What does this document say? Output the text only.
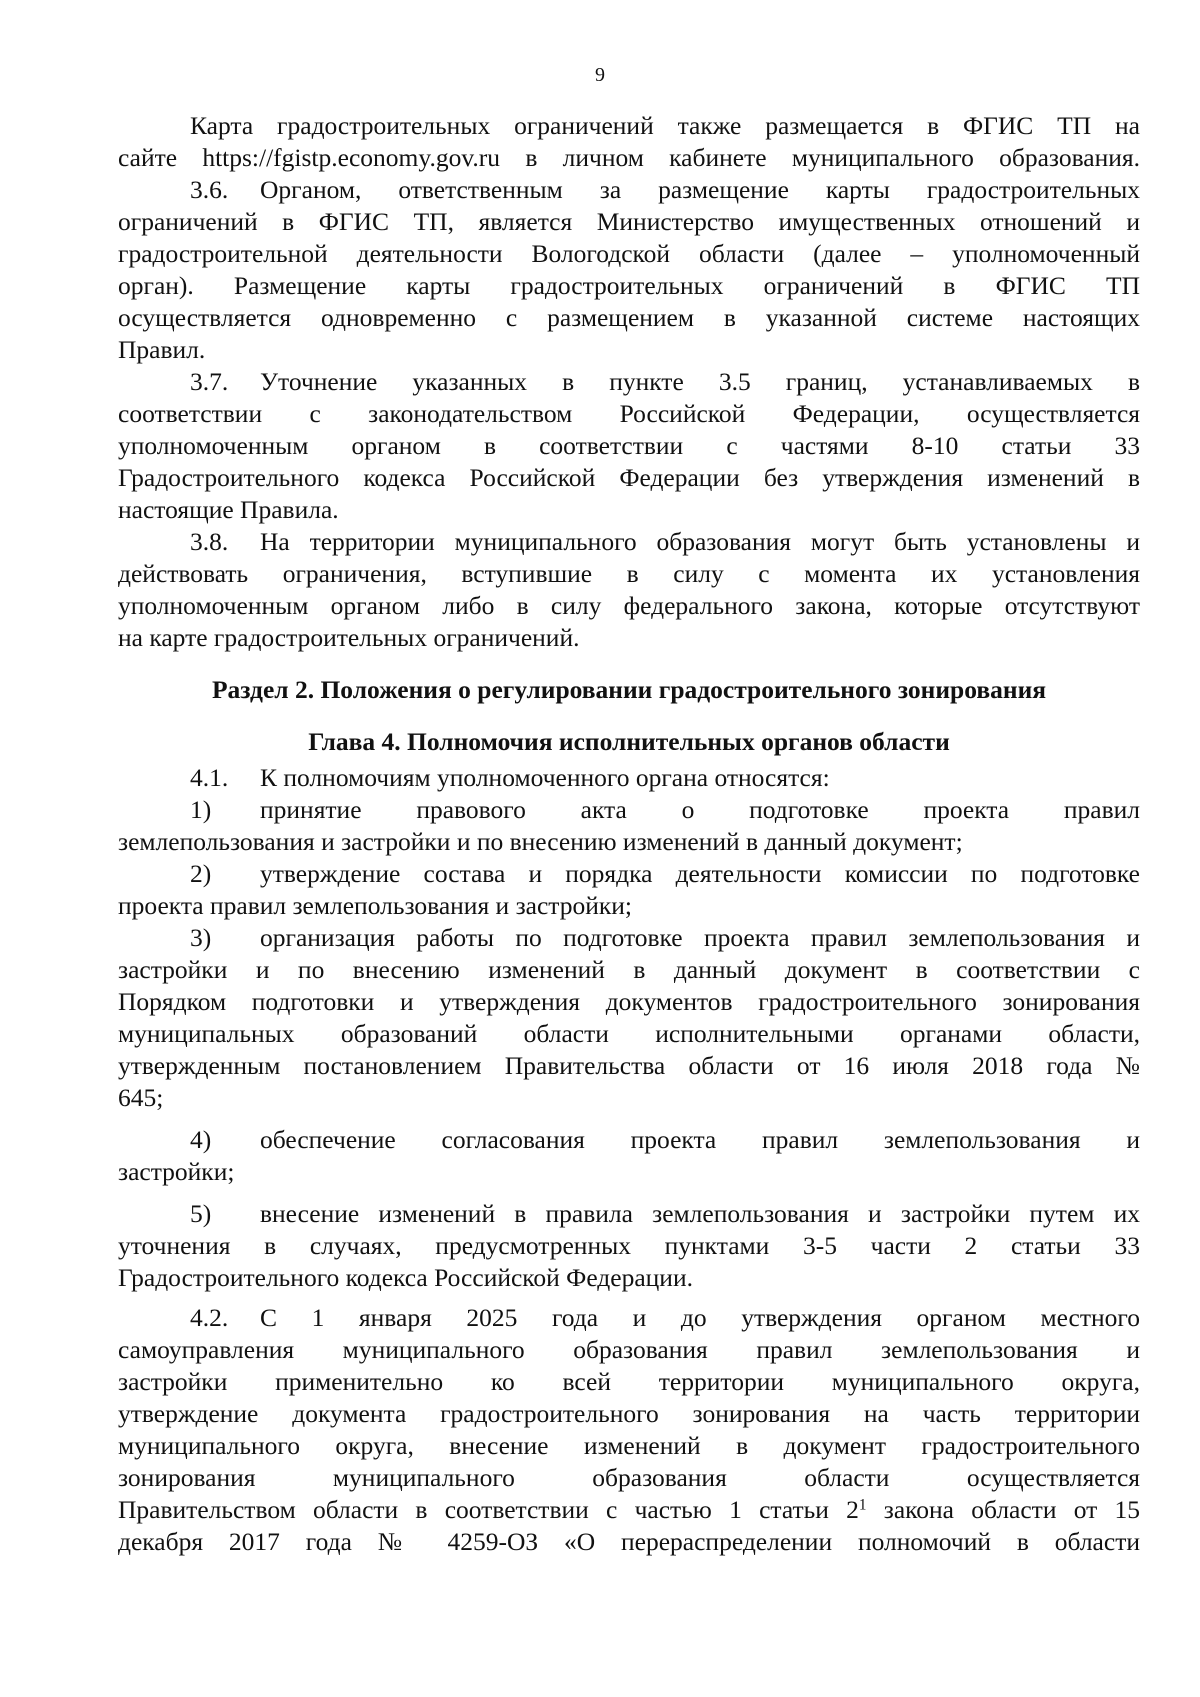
9
Карта градостроительных ограничений также размещается в ФГИС ТП на
сайте https://fgistp.economy.gov.ru в личном кабинете муниципального образования.
3.6. Органом, ответственным за размещение карты градостроительных
ограничений в ФГИС ТП, является Министерство имущественных отношений и
градостроительной деятельности Вологодской области (далее – уполномоченный
орган). Размещение карты градостроительных ограничений в ФГИС ТП
осуществляется одновременно с размещением в указанной системе настоящих
Правил.
3.7. Уточнение указанных в пункте 3.5 границ, устанавливаемых в
соответствии с законодательством Российской Федерации, осуществляется
уполномоченным органом в соответствии с частями 8-10 статьи 33
Градостроительного кодекса Российской Федерации без утверждения изменений в
настоящие Правила.
3.8. На территории муниципального образования могут быть установлены и
действовать ограничения, вступившие в силу с момента их установления
уполномоченным органом либо в силу федерального закона, которые отсутствуют
на карте градостроительных ограничений.
Раздел 2. Положения о регулировании градостроительного зонирования
Глава 4. Полномочия исполнительных органов области
4.1. К полномочиям уполномоченного органа относятся:
1) принятие правового акта о подготовке проекта правил
землепользования и застройки и по внесению изменений в данный документ;
2) утверждение состава и порядка деятельности комиссии по подготовке
проекта правил землепользования и застройки;
3) организация работы по подготовке проекта правил землепользования и
застройки и по внесению изменений в данный документ в соответствии с
Порядком подготовки и утверждения документов градостроительного зонирования
муниципальных образований области исполнительными органами области,
утвержденным постановлением Правительства области от 16 июля 2018 года №
645;
4) обеспечение согласования проекта правил землепользования и
застройки;
5) внесение изменений в правила землепользования и застройки путем их
уточнения в случаях, предусмотренных пунктами 3-5 части 2 статьи 33
Градостроительного кодекса Российской Федерации.
4.2. С 1 января 2025 года и до утверждения органом местного
самоуправления муниципального образования правил землепользования и
застройки применительно ко всей территории муниципального округа,
утверждение документа градостроительного зонирования на часть территории
муниципального округа, внесение изменений в документ градостроительного
зонирования муниципального образования области осуществляется
Правительством области в соответствии с частью 1 статьи $2^1$ закона области от 15
декабря 2017 года № 4259-ОЗ «О перераспределении полномочий в области
